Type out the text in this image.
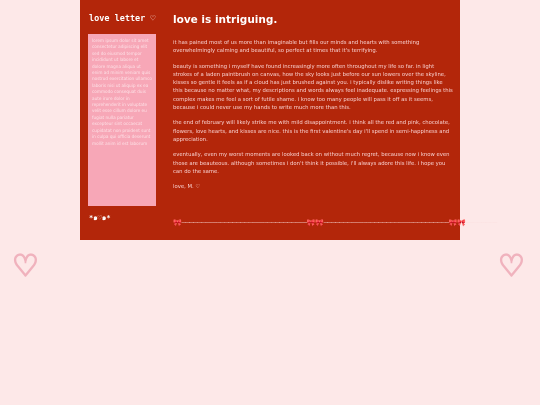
♡	♡
love letter ♡
lorem ipsum dolor sit amet consectetur adipiscing elit sed do eiusmod tempor incididunt ut labore et dolore magna aliqua ut enim ad minim veniam quis nostrud exercitation ullamco laboris nisi ut aliquip ex ea commodo consequat duis aute irure dolor in reprehenderit in voluptate velit esse cillum dolore eu fugiat nulla pariatur excepteur sint occaecat cupidatat non proident sunt in culpa qui officia deserunt mollit anim id est laborum
*๑♡๑*
love is intriguing.

it has pained most of us more than imaginable but fills our minds and hearts with something overwhelmingly calming and beautiful, so perfect at times that it's terrifying.

beauty is something i myself have found increasingly more often throughout my life so far. in light strokes of a laden paintbrush on canvas, how the sky looks just before our sun lowers over the skyline, kisses so gentle it feels as if a cloud has just brushed against you. i typically dislike writing things like this because no matter what, my descriptions and words always feel inadequate. expressing feelings this complex makes me feel a sort of futile shame. i know too many people will pass it off as it seems, because i could never use my hands to write much more than this.

the end of february will likely strike me with mild disappointment. i think all the red and pink, chocolate, flowers, love hearts, and kisses are nice. this is the first valentine's day i'll spend in semi-happiness and appreciation.

eventually, even my worst moments are looked back on without much regret, because now i know even those are beauteous. although sometimes i don't think it possible, i'll always adore this life. i hope you can do the same.

love, M. ♡

🎀┈┈┈┈┈┈┈┈┈┈┈┈┈┈┈┈┈┈┈┈┈┈┈┈┈┈┈┈┈┈┈┈🎀🎀┈┈┈┈┈┈┈┈┈┈┈┈┈┈┈┈┈┈┈┈┈┈┈┈┈┈┈┈┈┈┈┈🎀🎀┈┈┈┈┈┈┈┈
